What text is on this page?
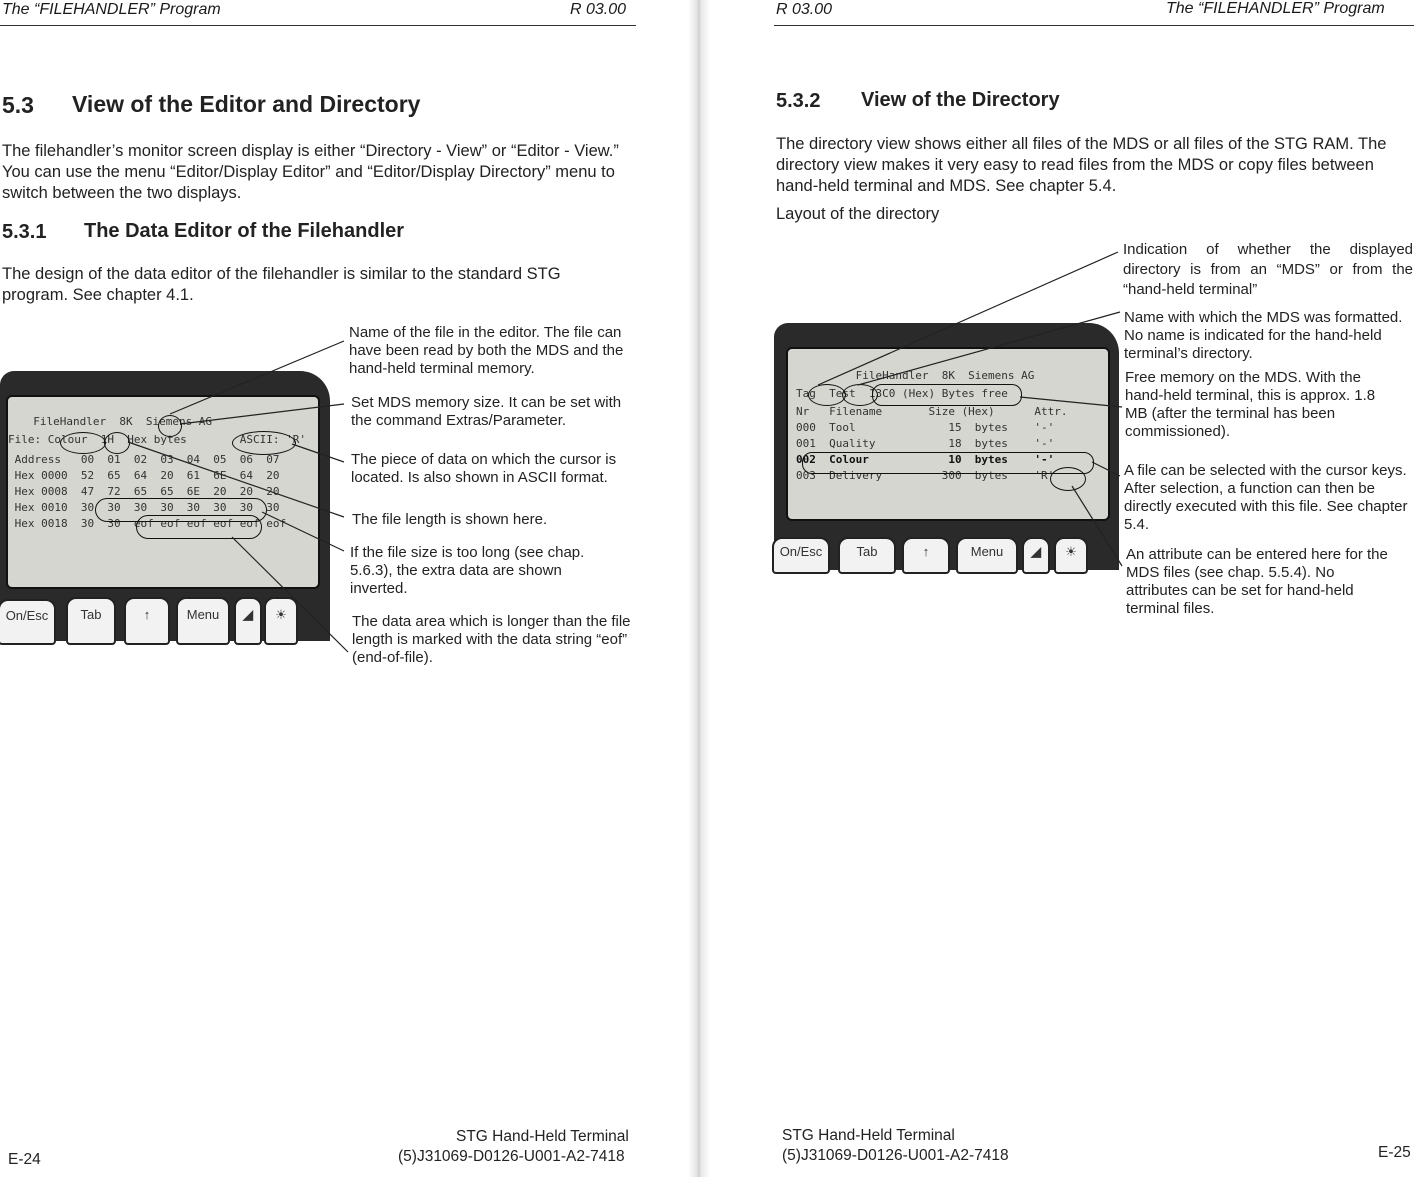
The “FILEHANDLER” Program	R 03.00
5.3 View of the Editor and Directory
The filehandler’s monitor screen display is either “Directory - View” or “Editor - View.” You can use the menu “Editor/Display Editor” and “Editor/Display Directory” menu to switch between the two displays.
5.3.1 The Data Editor of the Filehandler
The design of the data editor of the filehandler is similar to the standard STG program. See chapter 4.1.
FileHandler  8K  Siemens AG
File: Colour  1H  Hex bytes        ASCII: 'R'
Address   00  01  02  03  04  05  06  07
Hex 0000  52  65  64  20  61  6E  64  20
Hex 0008  47  72  65  65  6E  20  20  20
Hex 0010  30  30  30  30  30  30  30  30
Hex 0018  30  30  eof eof eof eof eof eof
On/Esc	Tab	↑	Menu	◢	☀
Name of the file in the editor. The file can have been read by both the MDS and the hand-held terminal memory.
Set MDS memory size. It can be set with the command Extras/Parameter.
The piece of data on which the cursor is located. Is also shown in ASCII format.
The file length is shown here.
If the file size is too long (see chap. 5.6.3), the extra data are shown inverted.
The data area which is longer than the file length is marked with the data string “eof” (end-of-file).
STG Hand-Held Terminal
(5)J31069-D0126-U001-A2-7418
E-24
R 03.00	The “FILEHANDLER” Program
5.3.2 View of the Directory
The directory view shows either all files of the MDS or all files of the STG RAM. The directory view makes it very easy to read files from the MDS or copy files between hand-held terminal and MDS. See chapter 5.4.
Layout of the directory
FileHandler  8K  Siemens AG
Tag  Test  13C0 (Hex) Bytes free
Nr   Filename       Size (Hex)      Attr.
000  Tool              15  bytes    '-'
001  Quality           18  bytes    '-'
002  Colour            10  bytes    '-'
003  Delivery         300  bytes    'R'
On/Esc	Tab	↑	Menu	◢	☀
Indication of whether the displayed directory is from an “MDS” or from the “hand-held terminal”
Name with which the MDS was formatted. No name is indicated for the hand-held terminal’s directory.
Free memory on the MDS. With the hand-held terminal, this is approx. 1.8 MB (after the terminal has been commissioned).
A file can be selected with the cursor keys. After selection, a function can then be directly executed with this file. See chapter 5.4.
An attribute can be entered here for the MDS files (see chap. 5.5.4). No attributes can be set for hand-held terminal files.
STG Hand-Held Terminal
(5)J31069-D0126-U001-A2-7418	E-25
